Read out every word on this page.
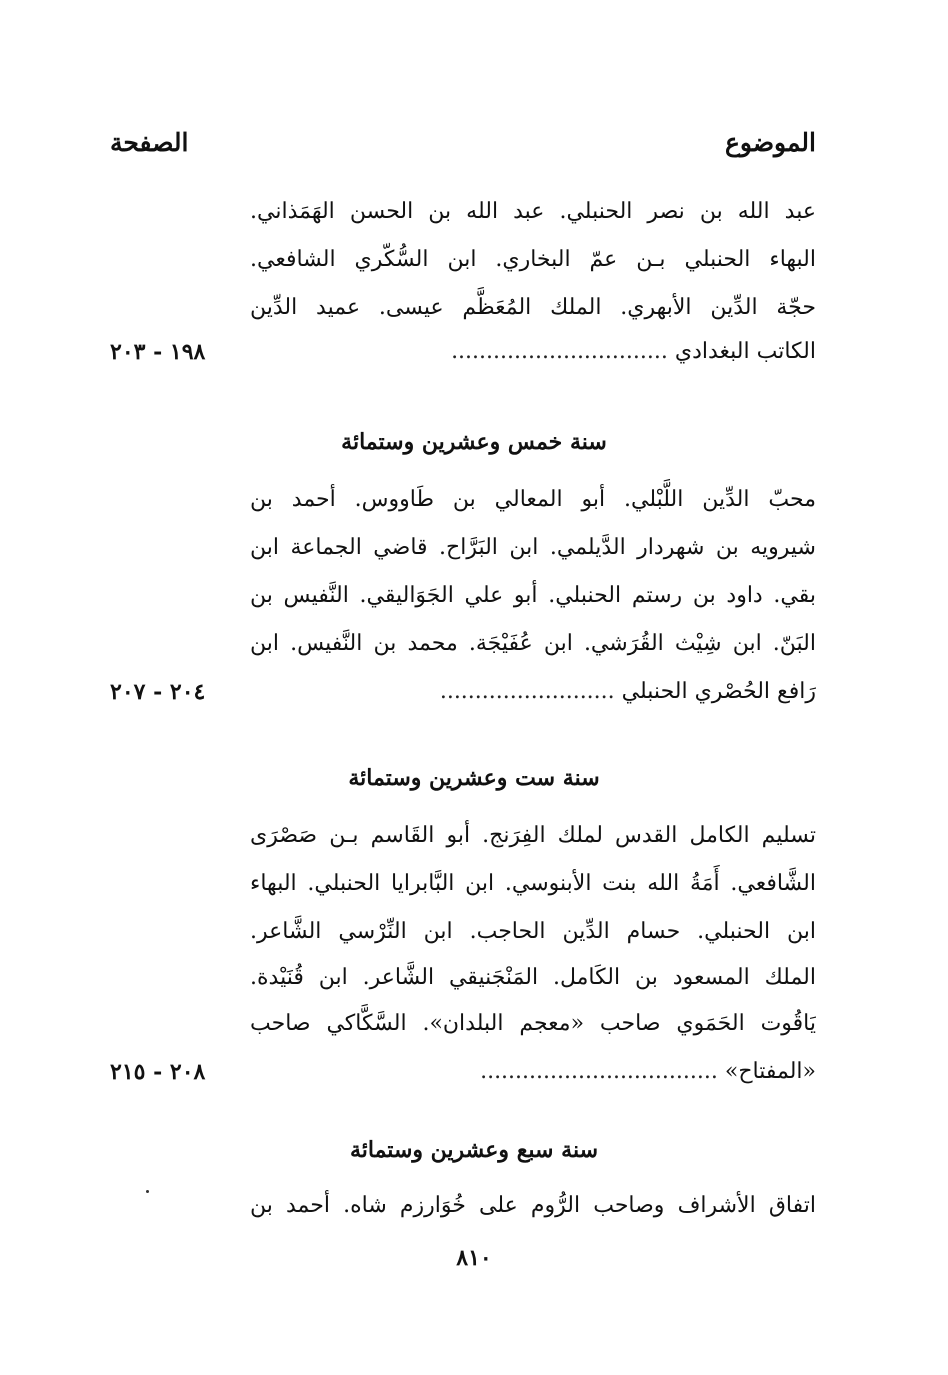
الموضوع
الصفحة
عبد الله بن نصر الحنبلي. عبد الله بن الحسن الهَمَذاني.
البهاء الحنبلي بـن عمّ البخاري. ابن السُّكّري الشافعي.
حجّة الدِّين الأبهري. الملك المُعَظَّم عيسى. عميد الدِّين
الكاتب البغدادي ...............................
١٩٨ - ٢٠٣
سنة خمس وعشرين وستمائة
محبّ الدِّين اللَّبْلي. أبو المعالي بن طَاووس. أحمد بن
شيرويه بن شهردار الدَّيلمي. ابن البَرَّاح. قاضي الجماعة ابن
بقي. داود بن رستم الحنبلي. أبو علي الجَوَاليقي. النَّفيس بن
البَنّ. ابن شِيْث القُرَشي. ابن عُفَيْجَة. محمد بن النَّفيس. ابن
رَافع الحُصْري الحنبلي .........................
٢٠٤ - ٢٠٧
سنة ست وعشرين وستمائة
تسليم الكامل القدس لملك الفِرَنج. أبو القَاسم بـن صَصْرَى
الشَّافعي. أَمَةُ الله بنت الأبنوسي. ابن البَّابرايا الحنبلي. البهاء
ابن الحنبلي. حسام الدِّين الحاجب. ابن النِّرْسي الشَّاعر.
الملك المسعود بن الكَامل. المَنْجَنيقي الشَّاعر. ابن قُنَيْدة.
يَاقُوت الحَمَوي صاحب «معجم البلدان». السَّكَّاكي صاحب
«المفتاح» ..................................
٢٠٨ - ٢١٥
سنة سبع وعشرين وستمائة
اتفاق الأشراف وصاحب الرُّوم على خُوَارزم شاه. أحمد بن
٨١٠
